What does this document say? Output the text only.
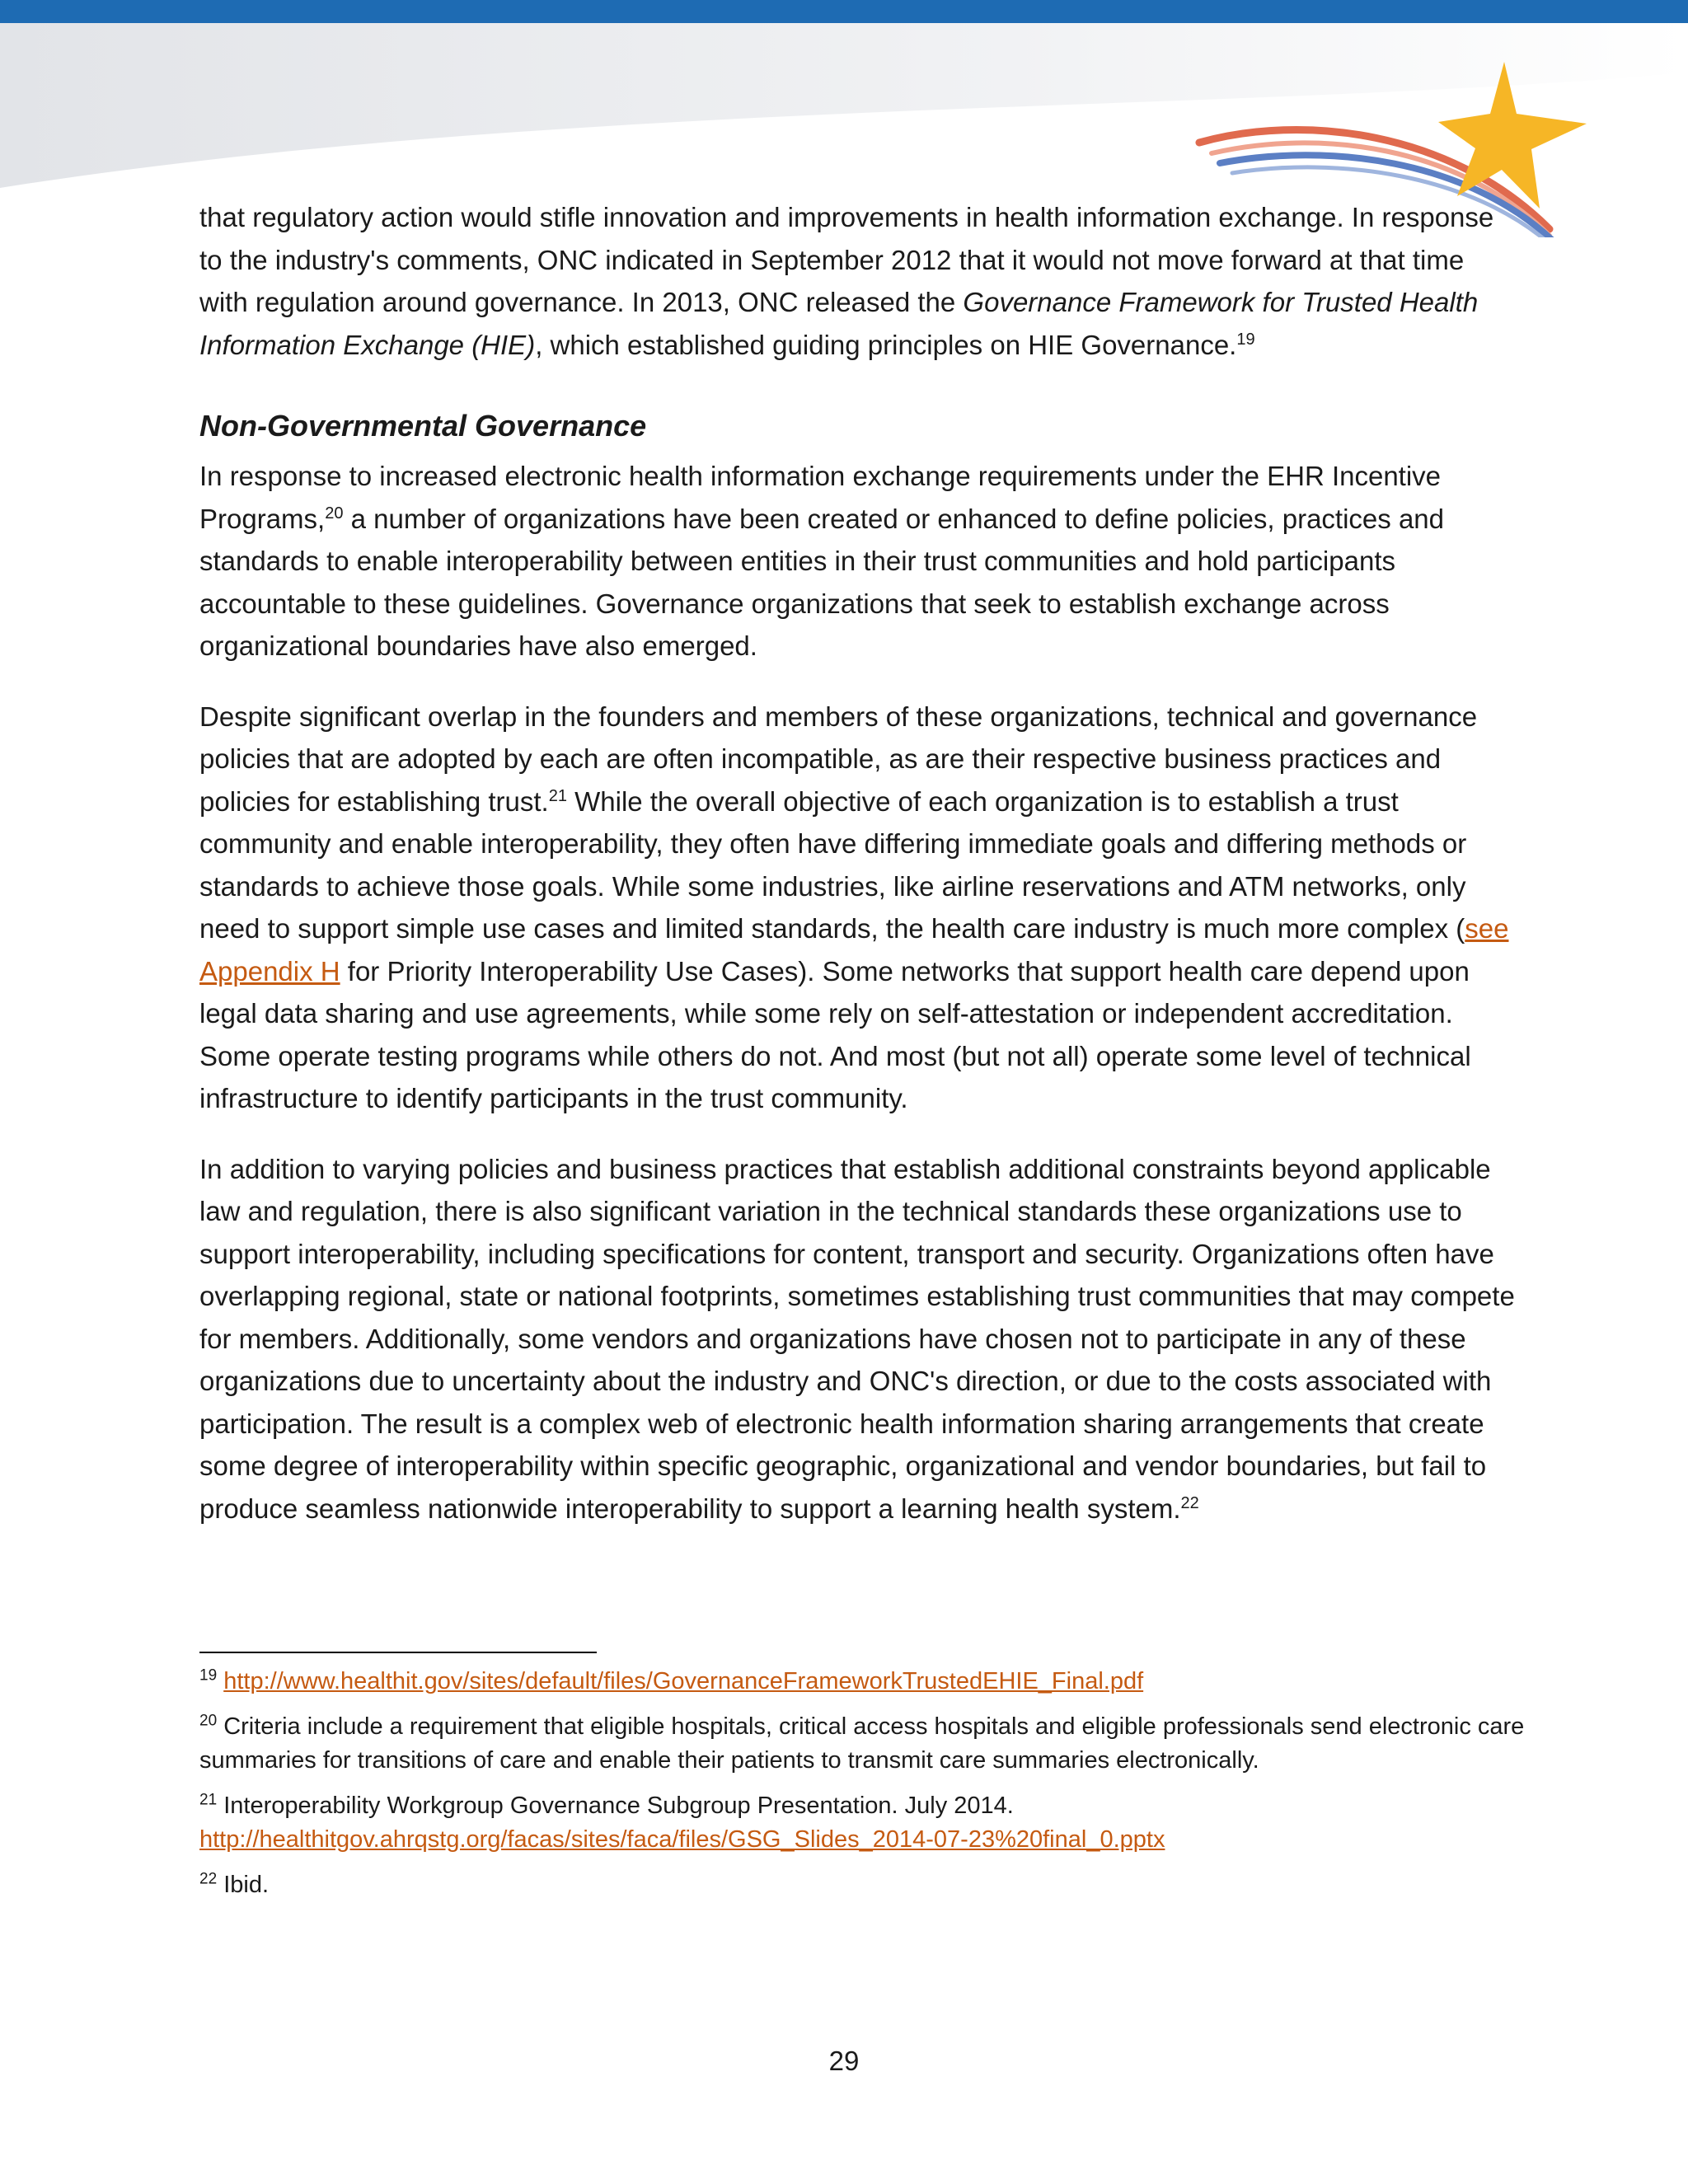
that regulatory action would stifle innovation and improvements in health information exchange. In response to the industry's comments, ONC indicated in September 2012 that it would not move forward at that time with regulation around governance. In 2013, ONC released the Governance Framework for Trusted Health Information Exchange (HIE), which established guiding principles on HIE Governance.$^{19}$

Non-Governmental Governance

In response to increased electronic health information exchange requirements under the EHR Incentive Programs,$^{20}$ a number of organizations have been created or enhanced to define policies, practices and standards to enable interoperability between entities in their trust communities and hold participants accountable to these guidelines. Governance organizations that seek to establish exchange across organizational boundaries have also emerged.

Despite significant overlap in the founders and members of these organizations, technical and governance policies that are adopted by each are often incompatible, as are their respective business practices and policies for establishing trust.$^{21}$ While the overall objective of each organization is to establish a trust community and enable interoperability, they often have differing immediate goals and differing methods or standards to achieve those goals. While some industries, like airline reservations and ATM networks, only need to support simple use cases and limited standards, the health care industry is much more complex (see Appendix H for Priority Interoperability Use Cases). Some networks that support health care depend upon legal data sharing and use agreements, while some rely on self-attestation or independent accreditation. Some operate testing programs while others do not. And most (but not all) operate some level of technical infrastructure to identify participants in the trust community.

In addition to varying policies and business practices that establish additional constraints beyond applicable law and regulation, there is also significant variation in the technical standards these organizations use to support interoperability, including specifications for content, transport and security. Organizations often have overlapping regional, state or national footprints, sometimes establishing trust communities that may compete for members. Additionally, some vendors and organizations have chosen not to participate in any of these organizations due to uncertainty about the industry and ONC's direction, or due to the costs associated with participation. The result is a complex web of electronic health information sharing arrangements that create some degree of interoperability within specific geographic, organizational and vendor boundaries, but fail to produce seamless nationwide interoperability to support a learning health system.$^{22}$

$^{19}$ http://www.healthit.gov/sites/default/files/GovernanceFrameworkTrustedEHIE_Final.pdf
$^{20}$ Criteria include a requirement that eligible hospitals, critical access hospitals and eligible professionals send electronic care summaries for transitions of care and enable their patients to transmit care summaries electronically.
$^{21}$ Interoperability Workgroup Governance Subgroup Presentation. July 2014.
http://healthitgov.ahrqstg.org/facas/sites/faca/files/GSG_Slides_2014-07-23%20final_0.pptx
$^{22}$ Ibid.
29
